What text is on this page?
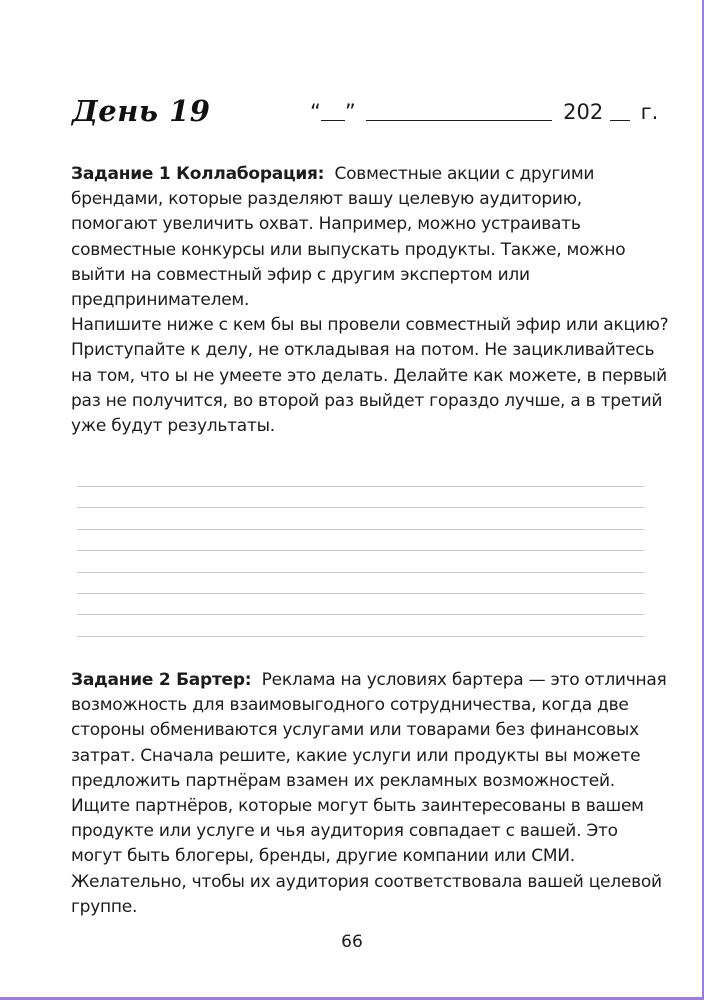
День 19	“ ”	202 г.

Задание 1 Коллаборация: Совместные акции с другими брендами, которые разделяют вашу целевую аудиторию, помогают увеличить охват. Например, можно устраивать совместные конкурсы или выпускать продукты. Также, можно выйти на совместный эфир с другим экспертом или предпринимателем.

Напишите ниже с кем бы вы провели совместный эфир или акцию?

Приступайте к делу, не откладывая на потом. Не зацикливайтесь на том, что ы не умеете это делать. Делайте как можете, в первый раз не получится, во второй раз выйдет гораздо лучше, а в третий уже будут результаты.

Задание 2 Бартер: Реклама на условиях бартера — это отличная возможность для взаимовыгодного сотрудничества, когда две стороны обмениваются услугами или товарами без финансовых затрат. Сначала решите, какие услуги или продукты вы можете предложить партнёрам взамен их рекламных возможностей. Ищите партнёров, которые могут быть заинтересованы в вашем продукте или услуге и чья аудитория совпадает с вашей. Это могут быть блогеры, бренды, другие компании или СМИ. Желательно, чтобы их аудитория соответствовала вашей целевой группе.

66
